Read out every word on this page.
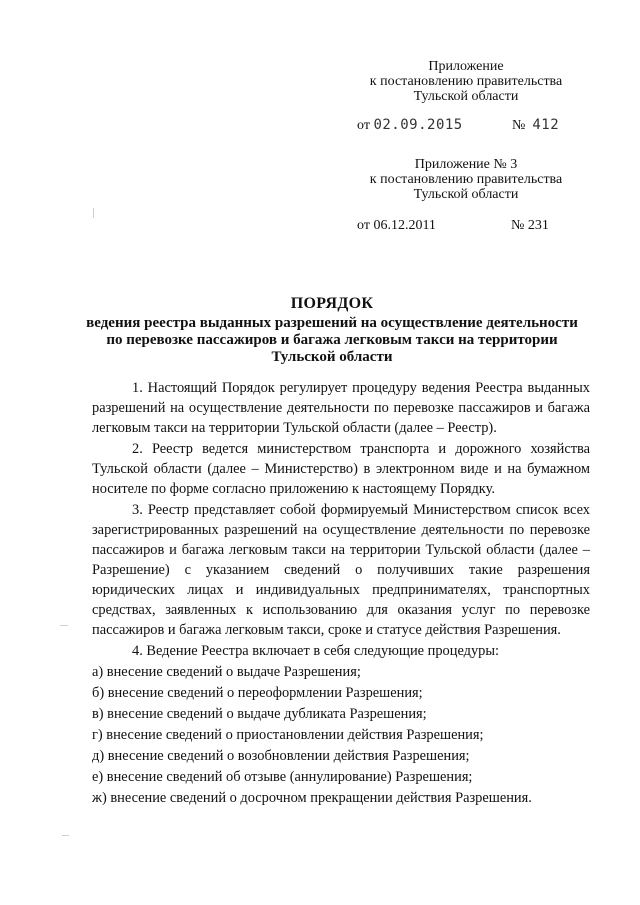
Приложение
к постановлению правительства
Тульской области
от 02.09.2015	№ 412
Приложение № 3
к постановлению правительства
Тульской области
от 06.12.2011	№ 231
ПОРЯДОК
ведения реестра выданных разрешений на осуществление деятельности
по перевозке пассажиров и багажа легковым такси на территории
Тульской области

1. Настоящий Порядок регулирует процедуру ведения Реестра выданных разрешений на осуществление деятельности по перевозке пассажиров и багажа легковым такси на территории Тульской области (далее – Реестр).

2. Реестр ведется министерством транспорта и дорожного хозяйства Тульской области (далее – Министерство) в электронном виде и на бумажном носителе по форме согласно приложению к настоящему Порядку.

3. Реестр представляет собой формируемый Министерством список всех зарегистрированных разрешений на осуществление деятельности по перевозке пассажиров и багажа легковым такси на территории Тульской области (далее – Разрешение) с указанием сведений о получивших такие разрешения юридических лицах и индивидуальных предпринимателях, транспортных средствах, заявленных к использованию для оказания услуг по перевозке пассажиров и багажа легковым такси, сроке и статусе действия Разрешения.

4. Ведение Реестра включает в себя следующие процедуры:

а) внесение сведений о выдаче Разрешения;

б) внесение сведений о переоформлении Разрешения;

в) внесение сведений о выдаче дубликата Разрешения;

г) внесение сведений о приостановлении действия Разрешения;

д) внесение сведений о возобновлении действия Разрешения;

е) внесение сведений об отзыве (аннулирование) Разрешения;

ж) внесение сведений о досрочном прекращении действия Разрешения.
